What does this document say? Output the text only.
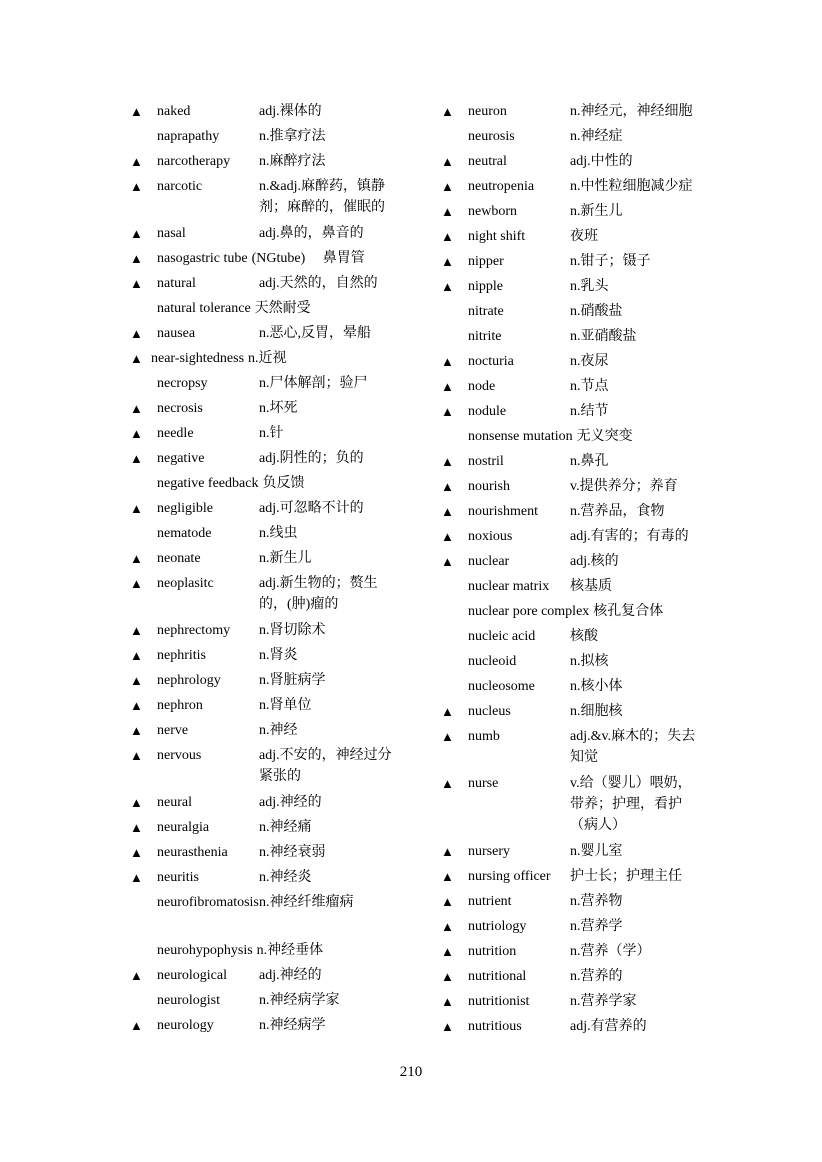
▲	naked	adj.裸体的
naprapathy	n.推拿疗法
▲	narcotherapy	n.麻醉疗法
▲	narcotic	n.&adj.麻醉药，镇静剂；麻醉的，催眠的
▲	nasal	adj.鼻的，鼻音的
▲	nasogastric tube (NGtube)　 鼻胃管
▲	natural	adj.天然的，自然的
natural tolerance 天然耐受
▲	nausea	n.恶心,反胃，晕船
▲ near-sightedness n.近视
necropsy	n.尸体解剖；验尸
▲	necrosis	n.坏死
▲	needle	n.针
▲	negative	adj.阴性的；负的
negative feedback 负反馈
▲	negligible	adj.可忽略不计的
nematode	n.线虫
▲	neonate	n.新生儿
▲	neoplasitc	adj.新生物的；赘生的，(肿)瘤的
▲	nephrectomy	n.肾切除术
▲	nephritis	n.肾炎
▲	nephrology	n.肾脏病学
▲	nephron	n.肾单位
▲	nerve	n.神经
▲	nervous	adj.不安的，神经过分紧张的
▲	neural	adj.神经的
▲	neuralgia	n.神经痛
▲	neurasthenia	n.神经衰弱
▲	neuritis	n.神经炎
neurofibromatosis n.神经纤维瘤病
neurohypophysis n.神经垂体
▲	neurological	adj.神经的
neurologist	n.神经病学家
▲	neurology	n.神经病学
▲	neuron	n.神经元，神经细胞
neurosis	n.神经症
▲	neutral	adj.中性的
▲	neutropenia	n.中性粒细胞减少症
▲	newborn	n.新生儿
▲	night shift	夜班
▲	nipper	n.钳子；镊子
▲	nipple	n.乳头
nitrate	n.硝酸盐
nitrite	n.亚硝酸盐
▲	nocturia	n.夜尿
▲	node	n.节点
▲	nodule	n.结节
nonsense mutation 无义突变
▲	nostril	n.鼻孔
▲	nourish	v.提供养分；养育
▲	nourishment	n.营养品，食物
▲	noxious	adj.有害的；有毒的
▲	nuclear	adj.核的
nuclear matrix	核基质
nuclear pore complex 核孔复合体
nucleic acid	核酸
nucleoid	n.拟核
nucleosome	n.核小体
▲	nucleus	n.细胞核
▲	numb	adj.&v.麻木的；失去知觉
▲	nurse	v.给（婴儿）喂奶，带养；护理，看护（病人）
▲	nursery	n.婴儿室
▲	nursing officer	护士长；护理主任
▲	nutrient	n.营养物
▲	nutriology	n.营养学
▲	nutrition	n.营养（学）
▲	nutritional	n.营养的
▲	nutritionist	n.营养学家
▲	nutritious	adj.有营养的
210
